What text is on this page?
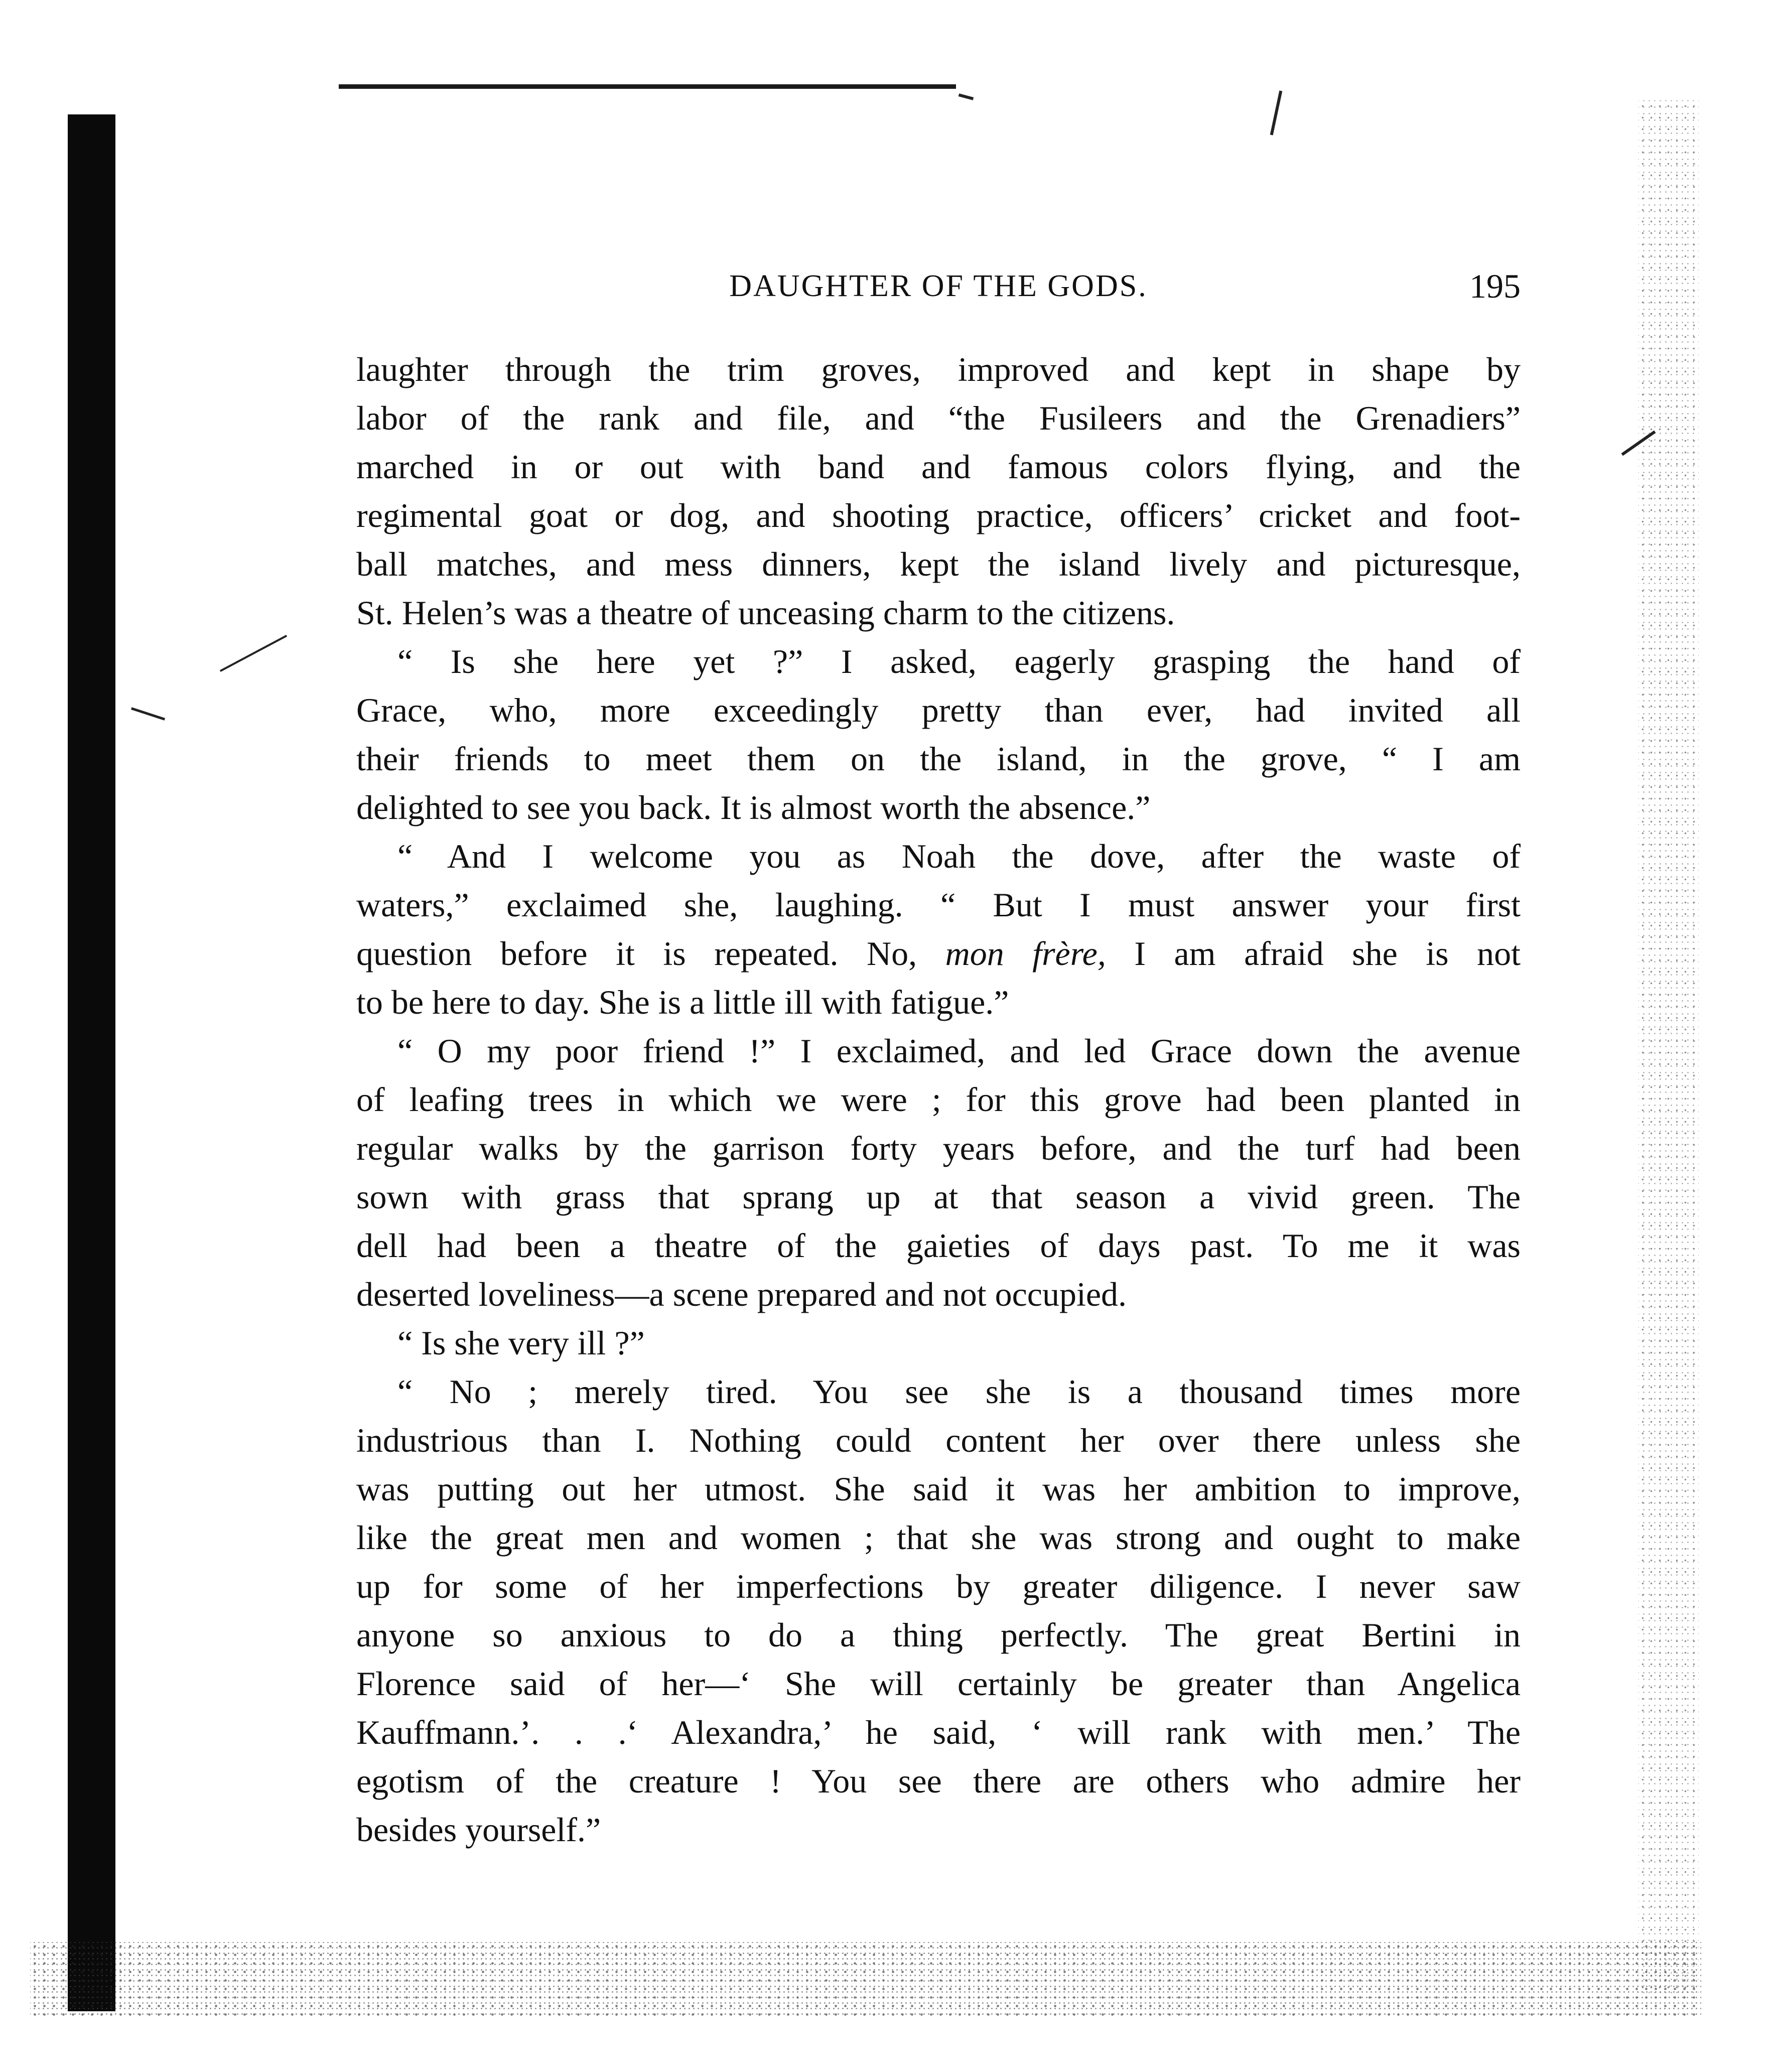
DAUGHTER OF THE GODS.	195
laughter through the trim groves, improved and kept in shape by
labor of the rank and file, and “the Fusileers and the Grenadiers”
marched in or out with band and famous colors flying, and the
regimental goat or dog, and shooting practice, officers’ cricket and foot-
ball matches, and mess dinners, kept the island lively and picturesque,
St. Helen’s was a theatre of unceasing charm to the citizens.
“ Is she here yet ?” I asked, eagerly grasping the hand of
Grace, who, more exceedingly pretty than ever, had invited all
their friends to meet them on the island, in the grove, “ I am
delighted to see you back. It is almost worth the absence.”
“ And I welcome you as Noah the dove, after the waste of
waters,” exclaimed she, laughing. “ But I must answer your first
question before it is repeated. No, mon frère, I am afraid she is not
to be here to day. She is a little ill with fatigue.”
“ O my poor friend !” I exclaimed, and led Grace down the avenue
of leafing trees in which we were ; for this grove had been planted in
regular walks by the garrison forty years before, and the turf had been
sown with grass that sprang up at that season a vivid green. The
dell had been a theatre of the gaieties of days past. To me it was
deserted loveliness—a scene prepared and not occupied.
“ Is she very ill ?”
“ No ; merely tired. You see she is a thousand times more
industrious than I. Nothing could content her over there unless she
was putting out her utmost. She said it was her ambition to improve,
like the great men and women ; that she was strong and ought to make
up for some of her imperfections by greater diligence. I never saw
anyone so anxious to do a thing perfectly. The great Bertini in
Florence said of her—‘ She will certainly be greater than Angelica
Kauffmann.’. . .‘ Alexandra,’ he said, ‘ will rank with men.’ The
egotism of the creature ! You see there are others who admire her
besides yourself.”
